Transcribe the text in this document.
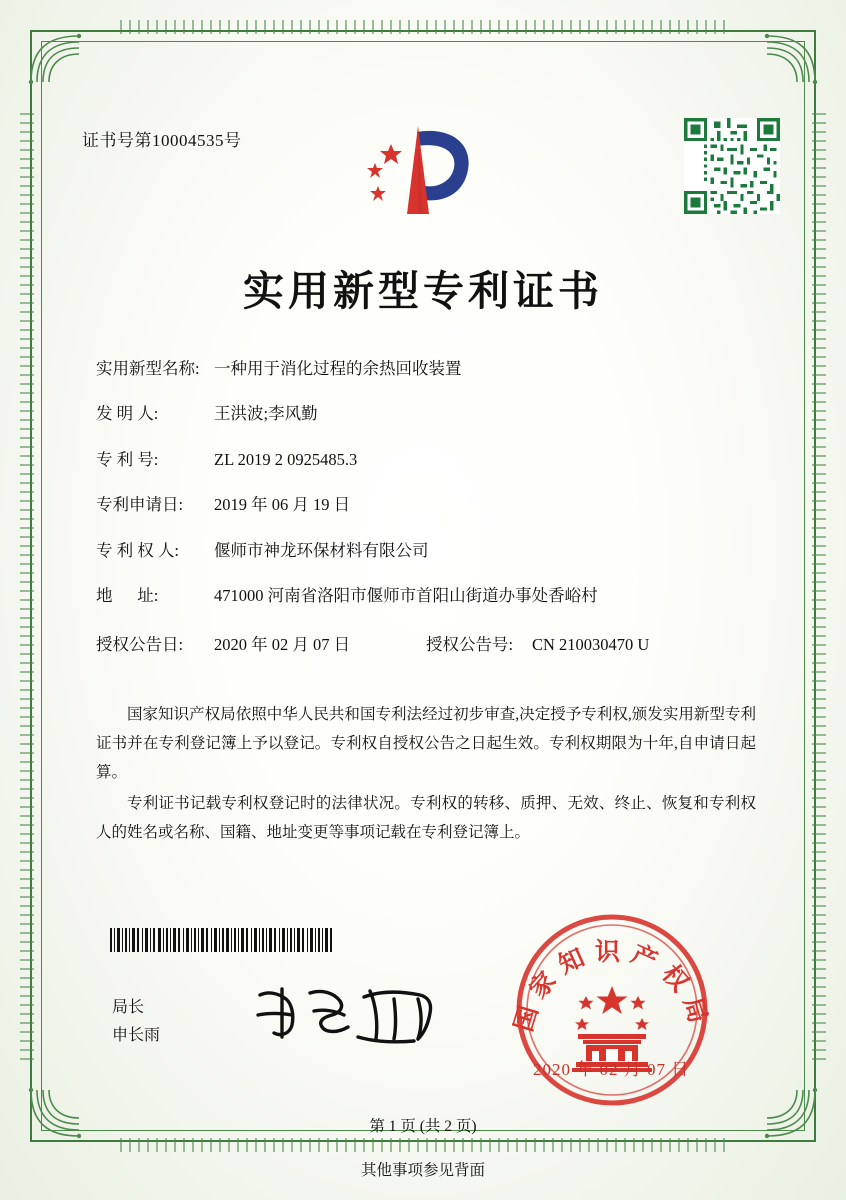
证书号第10004535号
实用新型专利证书
实用新型名称: 一种用于消化过程的余热回收装置
发 明 人:	王洪波;李风勤
专 利 号:	ZL 2019 2 0925485.3
专利申请日:	2019 年 06 月 19 日
专 利 权 人:	偃师市神龙环保材料有限公司
地      址:	471000 河南省洛阳市偃师市首阳山街道办事处香峪村
授权公告日:	2020 年 02 月 07 日	授权公告号:	CN 210030470 U

国家知识产权局依照中华人民共和国专利法经过初步审查,决定授予专利权,颁发实用新型专利证书并在专利登记簿上予以登记。专利权自授权公告之日起生效。专利权期限为十年,自申请日起算。

专利证书记载专利权登记时的法律状况。专利权的转移、质押、无效、终止、恢复和专利权人的姓名或名称、国籍、地址变更等事项记载在专利登记簿上。

局长
申长雨
国家知识产权局
2020 年 02 月 07 日
第 1 页 (共 2 页)
其他事项参见背面
